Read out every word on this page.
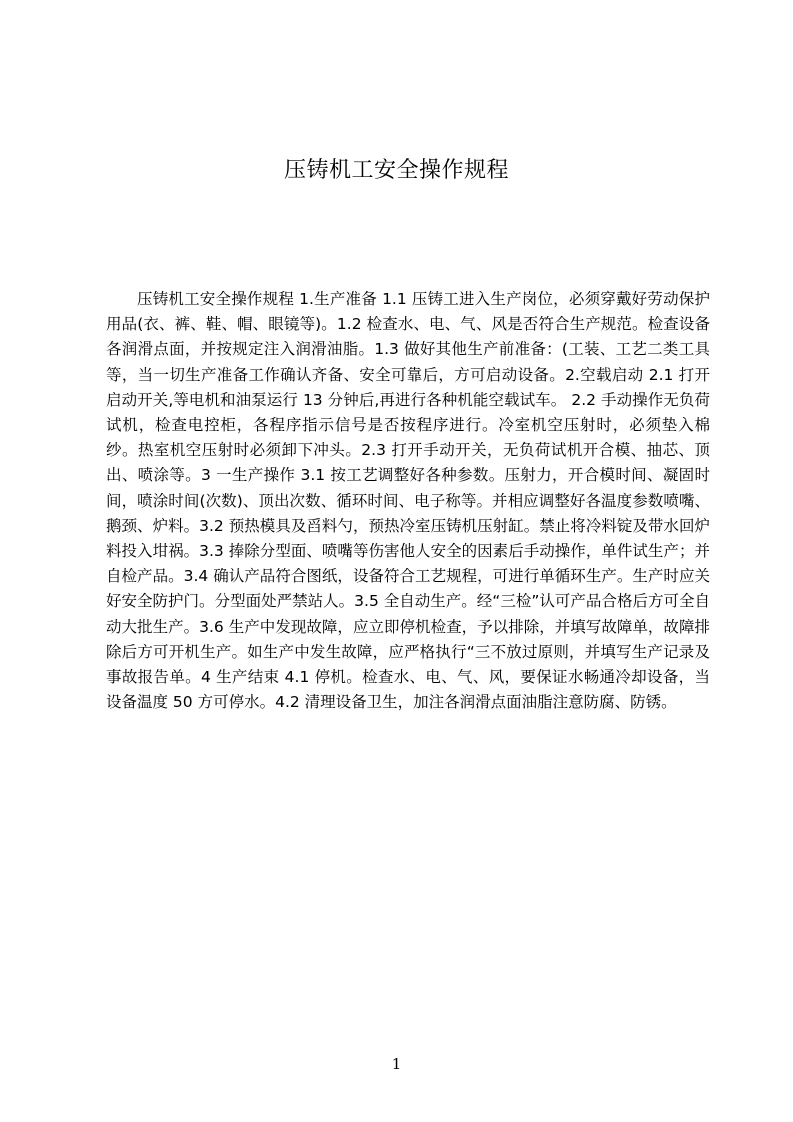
压铸机工安全操作规程

压铸机工安全操作规程 1.生产准备 1.1 压铸工进入生产岗位，必须穿戴好劳动保护用品(衣、裤、鞋、帽、眼镜等)。1.2 检查水、电、气、风是否符合生产规范。检查设备各润滑点面，并按规定注入润滑油脂。1.3 做好其他生产前准备：(工装、工艺二类工具等，当一切生产准备工作确认齐备、安全可靠后，方可启动设备。2.空载启动 2.1 打开启动开关,等电机和油泵运行 13 分钟后,再进行各种机能空载试车。 2.2 手动操作无负荷试机，检查电控柜，各程序指示信号是否按程序进行。冷室机空压射时，必须垫入棉纱。热室机空压射时必须卸下冲头。2.3 打开手动开关，无负荷试机开合模、抽芯、顶出、喷涂等。3 一生产操作 3.1 按工艺调整好各种参数。压射力，开合模时间、凝固时间，喷涂时间(次数)、顶出次数、循环时间、电子称等。并相应调整好各温度参数喷嘴、鹅颈、炉料。3.2 预热模具及舀料勺，预热冷室压铸机压射缸。禁止将冷料锭及带水回炉料投入坩祸。3.3 捧除分型面、喷嘴等伤害他人安全的因素后手动操作，单件试生产；并自检产品。3.4 确认产品符合图纸，设备符合工艺规程，可进行单循环生产。生产时应关好安全防护门。分型面处严禁站人。3.5 全自动生产。经“三检”认可产品合格后方可全自动大批生产。3.6 生产中发现故障，应立即停机检查，予以排除，并填写故障单，故障排除后方可开机生产。如生产中发生故障，应严格执行“三不放过原则，并填写生产记录及事故报告单。4 生产结束 4.1 停机。检查水、电、气、风，要保证水畅通冷却设备，当设备温度 50 方可停水。4.2 清理设备卫生，加注各润滑点面油脂注意防腐、防锈。

1
